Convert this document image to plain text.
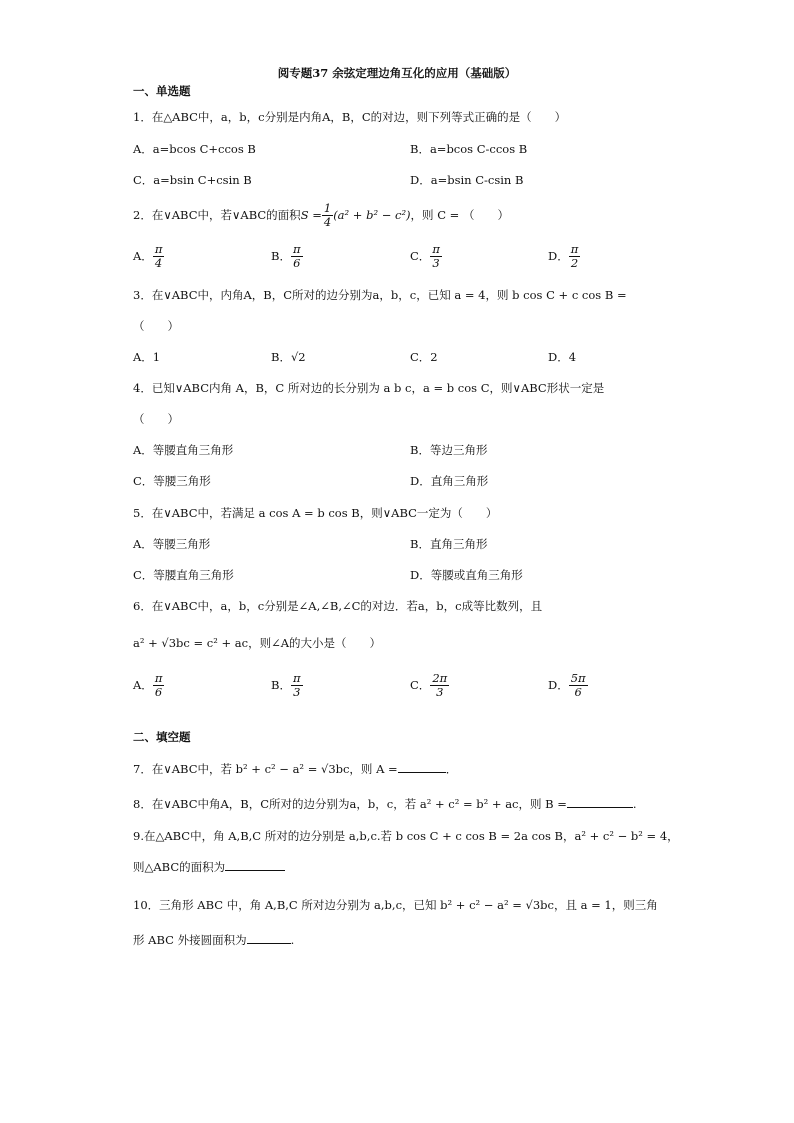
阅专题37 余弦定理边角互化的应用（基础版）
一、单选题
1．在△ABC中，a，b，c分别是内角A，B，C的对边，则下列等式正确的是（　　）
A．a=bcos C+ccos B	B．a=bcos C-ccos B
C．a=bsin C+csin B	D．a=bsin C-csin B
2．在∨ABC中，若∨ABC的面积 $S = \frac{1}{4} (a^2 + b^2 - c^2)$ ，则 C = （　　）
A． $\frac{\pi}{4}$	B． $\frac{\pi}{6}$	C． $\frac{\pi}{3}$	D． $\frac{\pi}{2}$
3．在∨ABC中，内角A，B，C所对的边分别为a，b，c，已知 a = 4，则 b cos C + c cos B =
（　　）
A．1	B．√2	C．2	D．4
4．已知∨ABC内角 A，B，C 所对边的长分别为 a b c，a = b cos C，则∨ABC形状一定是
（　　）
A．等腰直角三角形	B．等边三角形
C．等腰三角形	D．直角三角形
5．在∨ABC中，若满足 a cos A = b cos B，则∨ABC一定为（　　）
A．等腰三角形	B．直角三角形
C．等腰直角三角形	D．等腰或直角三角形
6．在∨ABC中，a，b，c分别是∠A,∠B,∠C的对边．若a，b，c成等比数列，且
a² + √3bc = c² + ac，则∠A的大小是（　　）
A． $\frac{\pi}{6}$	B． $\frac{\pi}{3}$	C． $\frac{2\pi}{3}$	D． $\frac{5\pi}{6}$
二、填空题
7．在∨ABC中，若 b² + c² − a² = √3bc，则 A =	．
8．在∨ABC中角A，B，C所对的边分别为a，b，c，若 a² + c² = b² + ac，则 B =	.
9.在△ABC中，角 A,B,C 所对的边分别是 a,b,c.若 b cos C + c cos B = 2a cos B，a² + c² − b² = 4，
则△ABC的面积为
10．三角形 ABC 中，角 A,B,C 所对边分别为 a,b,c，已知 b² + c² − a² = √3bc，且 a = 1，则三角
形 ABC 外接圆面积为	.
